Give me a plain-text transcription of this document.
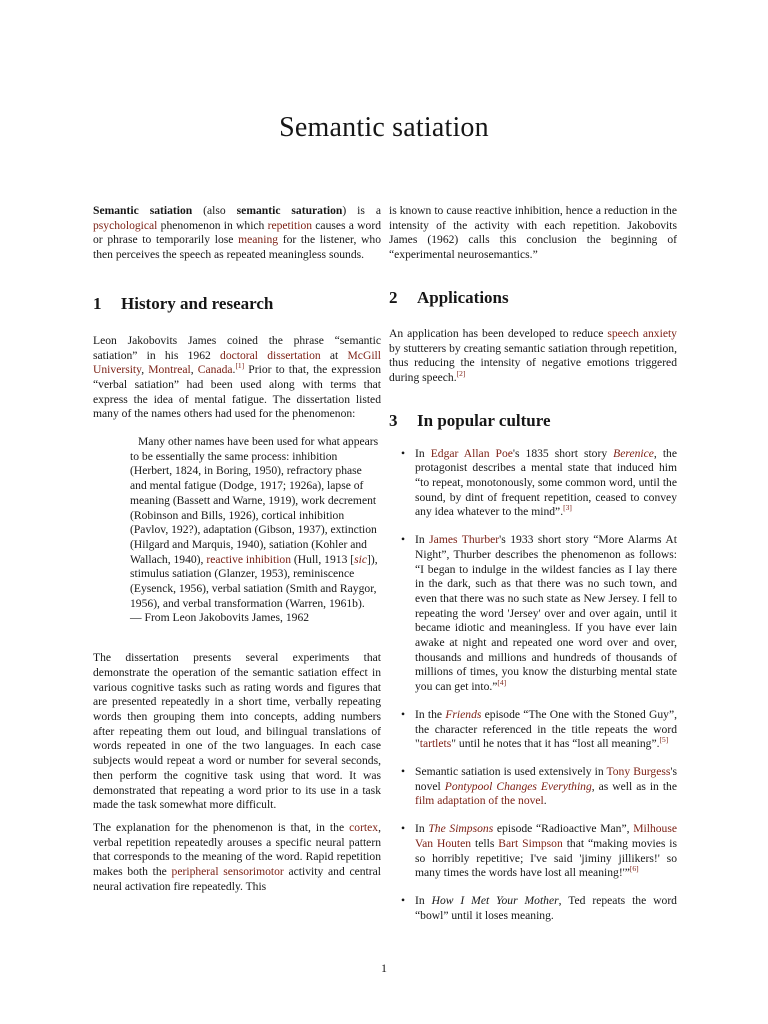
Semantic satiation

Semantic satiation (also semantic saturation) is a psychological phenomenon in which repetition causes a word or phrase to temporarily lose meaning for the listener, who then perceives the speech as repeated meaningless sounds.

1 History and research

Leon Jakobovits James coined the phrase “semantic satiation” in his 1962 doctoral dissertation at McGill University, Montreal, Canada.[1] Prior to that, the expression “verbal satiation” had been used along with terms that express the idea of mental fatigue. The dissertation listed many of the names others had used for the phenomenon:

Many other names have been used for what appears to be essentially the same process: inhibition (Herbert, 1824, in Boring, 1950), refractory phase and mental fatigue (Dodge, 1917; 1926a), lapse of meaning (Bassett and Warne, 1919), work decrement (Robinson and Bills, 1926), cortical inhibition (Pavlov, 192?), adaptation (Gibson, 1937), extinction (Hilgard and Marquis, 1940), satiation (Kohler and Wallach, 1940), reactive inhibition (Hull, 1913 [sic]), stimulus satiation (Glanzer, 1953), reminiscence (Eysenck, 1956), verbal satiation (Smith and Raygor, 1956), and verbal transformation (Warren, 1961b).

— From Leon Jakobovits James, 1962

The dissertation presents several experiments that demonstrate the operation of the semantic satiation effect in various cognitive tasks such as rating words and figures that are presented repeatedly in a short time, verbally repeating words then grouping them into concepts, adding numbers after repeating them out loud, and bilingual translations of words repeated in one of the two languages. In each case subjects would repeat a word or number for several seconds, then perform the cognitive task using that word. It was demonstrated that repeating a word prior to its use in a task made the task somewhat more difficult.

The explanation for the phenomenon is that, in the cortex, verbal repetition repeatedly arouses a specific neural pattern that corresponds to the meaning of the word. Rapid repetition makes both the peripheral sensorimotor activity and central neural activation fire repeatedly. This

is known to cause reactive inhibition, hence a reduction in the intensity of the activity with each repetition. Jakobovits James (1962) calls this conclusion the beginning of “experimental neurosemantics.”

2 Applications

An application has been developed to reduce speech anxiety by stutterers by creating semantic satiation through repetition, thus reducing the intensity of negative emotions triggered during speech.[2]

3 In popular culture
• In Edgar Allan Poe's 1835 short story Berenice, the protagonist describes a mental state that induced him “to repeat, monotonously, some common word, until the sound, by dint of frequent repetition, ceased to convey any idea whatever to the mind”.[3]

• In James Thurber's 1933 short story “More Alarms At Night”, Thurber describes the phenomenon as follows: “I began to indulge in the wildest fancies as I lay there in the dark, such as that there was no such town, and even that there was no such state as New Jersey. I fell to repeating the word 'Jersey' over and over again, until it became idiotic and meaningless. If you have ever lain awake at night and repeated one word over and over, thousands and millions and hundreds of thousands of millions of times, you know the disturbing mental state you can get into.”[4]

• In the Friends episode “The One with the Stoned Guy”, the character referenced in the title repeats the word "tartlets" until he notes that it has “lost all meaning”.[5]

• Semantic satiation is used extensively in Tony Burgess's novel Pontypool Changes Everything, as well as in the film adaptation of the novel.

• In The Simpsons episode “Radioactive Man”, Milhouse Van Houten tells Bart Simpson that “making movies is so horribly repetitive; I've said 'jiminy jillikers!' so many times the words have lost all meaning!'”[6]

• In How I Met Your Mother, Ted repeats the word “bowl” until it loses meaning.

1
